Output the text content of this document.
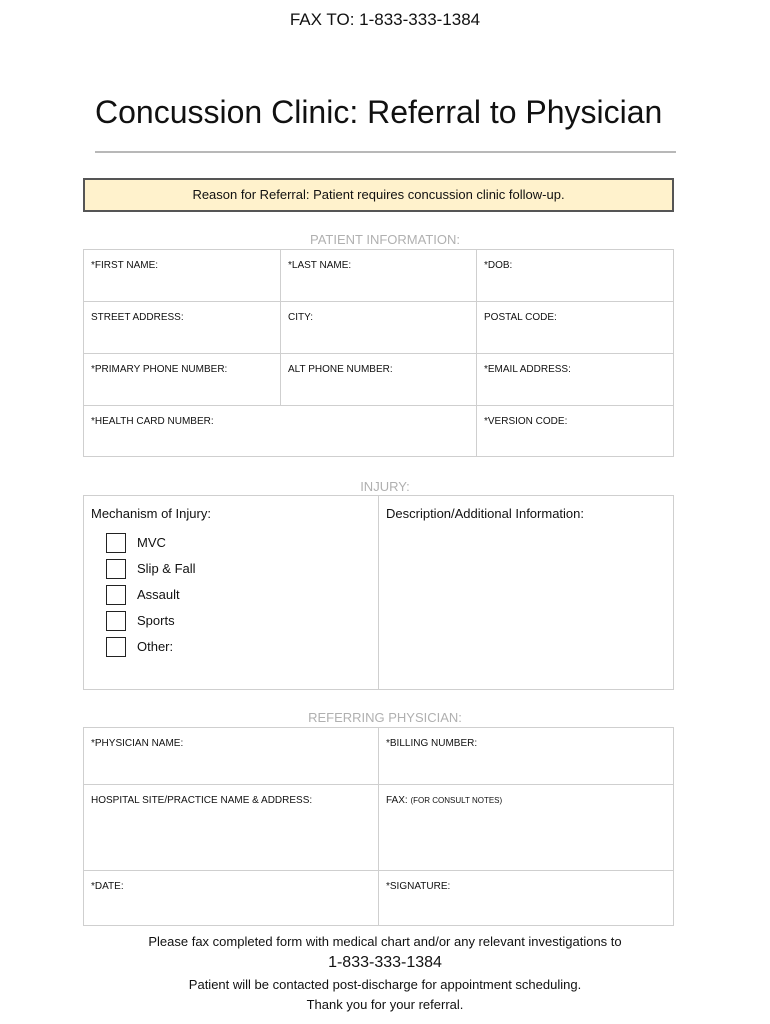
FAX TO: 1-833-333-1384
Concussion Clinic: Referral to Physician
Reason for Referral: Patient requires concussion clinic follow-up.
PATIENT INFORMATION:
*FIRST NAME:	*LAST NAME:	*DOB:
STREET ADDRESS:	CITY:	POSTAL CODE:
*PRIMARY PHONE NUMBER:	ALT PHONE NUMBER:	*EMAIL ADDRESS:
*HEALTH CARD NUMBER:	*VERSION CODE:
INJURY:
Mechanism of Injury:
MVC
Slip & Fall
Assault
Sports
Other:
Description/Additional Information:
REFERRING PHYSICIAN:
*PHYSICIAN NAME:	*BILLING NUMBER:
HOSPITAL SITE/PRACTICE NAME & ADDRESS:	FAX: (FOR CONSULT NOTES)
*DATE:	*SIGNATURE:
Please fax completed form with medical chart and/or any relevant investigations to
1-833-333-1384
Patient will be contacted post-discharge for appointment scheduling.
Thank you for your referral.
